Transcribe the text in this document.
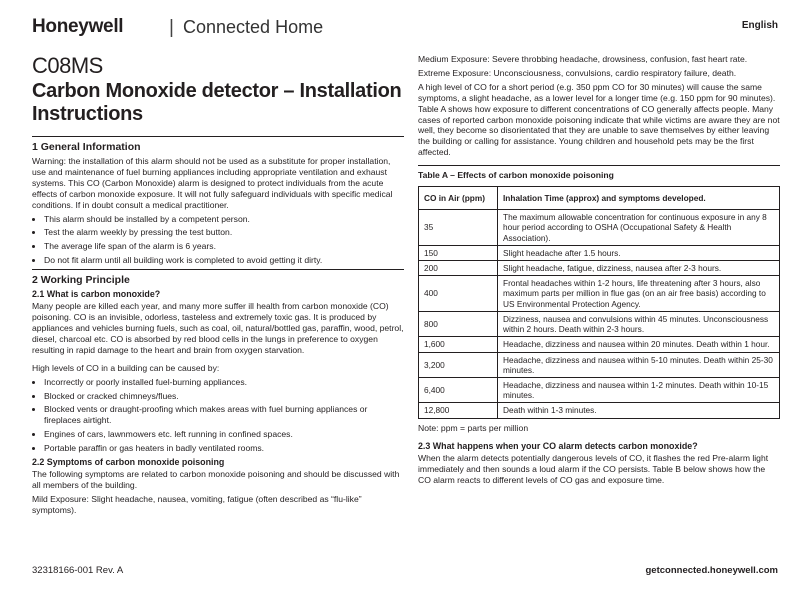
Honeywell | Connected Home	English
C08MS
Carbon Monoxide detector – Installation Instructions
1 General Information

Warning: the installation of this alarm should not be used as a substitute for proper installation, use and maintenance of fuel burning appliances including appropriate ventilation and exhaust systems. This CO (Carbon Monoxide) alarm is designed to protect individuals from the acute effects of carbon monoxide exposure. It will not fully safeguard individuals with specific medical conditions. If in doubt consult a medical practitioner.

• This alarm should be installed by a competent person.
• Test the alarm weekly by pressing the test button.
• The average life span of the alarm is 6 years.
• Do not fit alarm until all building work is completed to avoid getting it dirty.
2 Working Principle
2.1 What is carbon monoxide?

Many people are killed each year, and many more suffer ill health from carbon monoxide (CO) poisoning. CO is an invisible, odorless, tasteless and extremely toxic gas. It is produced by appliances and vehicles burning fuels, such as coal, oil, natural/bottled gas, paraffin, wood, petrol, diesel, charcoal etc. CO is absorbed by red blood cells in the lungs in preference to oxygen resulting in rapid damage to the heart and brain from oxygen starvation.

High levels of CO in a building can be caused by:

• Incorrectly or poorly installed fuel-burning appliances.
• Blocked or cracked chimneys/flues.
• Blocked vents or draught-proofing which makes areas with fuel burning appliances or fireplaces airtight.
• Engines of cars, lawnmowers etc. left running in confined spaces.
• Portable paraffin or gas heaters in badly ventilated rooms.
2.2 Symptoms of carbon monoxide poisoning

The following symptoms are related to carbon monoxide poisoning and should be discussed with all members of the building.

Mild Exposure: Slight headache, nausea, vomiting, fatigue (often described as “flu-like” symptoms).

Medium Exposure: Severe throbbing headache, drowsiness, confusion, fast heart rate.

Extreme Exposure: Unconsciousness, convulsions, cardio respiratory failure, death.

A high level of CO for a short period (e.g. 350 ppm CO for 30 minutes) will cause the same symptoms, a slight headache, as a lower level for a longer time (e.g. 150 ppm for 90 minutes). Table A shows how exposure to different concentrations of CO generally affects people. Many cases of reported carbon monoxide poisoning indicate that while victims are aware they are not well, they become so disorientated that they are unable to save themselves by either leaving the building or calling for assistance. Young children and household pets may be the first affected.

Table A – Effects of carbon monoxide poisoning
CO in Air (ppm)	Inhalation Time (approx) and symptoms developed.
35	The maximum allowable concentration for continuous exposure in any 8 hour period according to OSHA (Occupational Safety & Health Association).
150	Slight headache after 1.5 hours.
200	Slight headache, fatigue, dizziness, nausea after 2-3 hours.
400	Frontal headaches within 1-2 hours, life threatening after 3 hours, also maximum parts per million in flue gas (on an air free basis) according to US Environmental Protection Agency.
800	Dizziness, nausea and convulsions within 45 minutes. Unconsciousness within 2 hours. Death within 2-3 hours.
1,600	Headache, dizziness and nausea within 20 minutes. Death within 1 hour.
3,200	Headache, dizziness and nausea within 5-10 minutes. Death within 25-30 minutes.
6,400	Headache, dizziness and nausea within 1-2 minutes. Death within 10-15 minutes.
12,800	Death within 1-3 minutes.

Note: ppm = parts per million

2.3 What happens when your CO alarm detects carbon monoxide?

When the alarm detects potentially dangerous levels of CO, it flashes the red Pre-alarm light immediately and then sounds a loud alarm if the CO persists. Table B below shows how the CO alarm reacts to different levels of CO gas and exposure time.

32318166-001 Rev. A	getconnected.honeywell.com
